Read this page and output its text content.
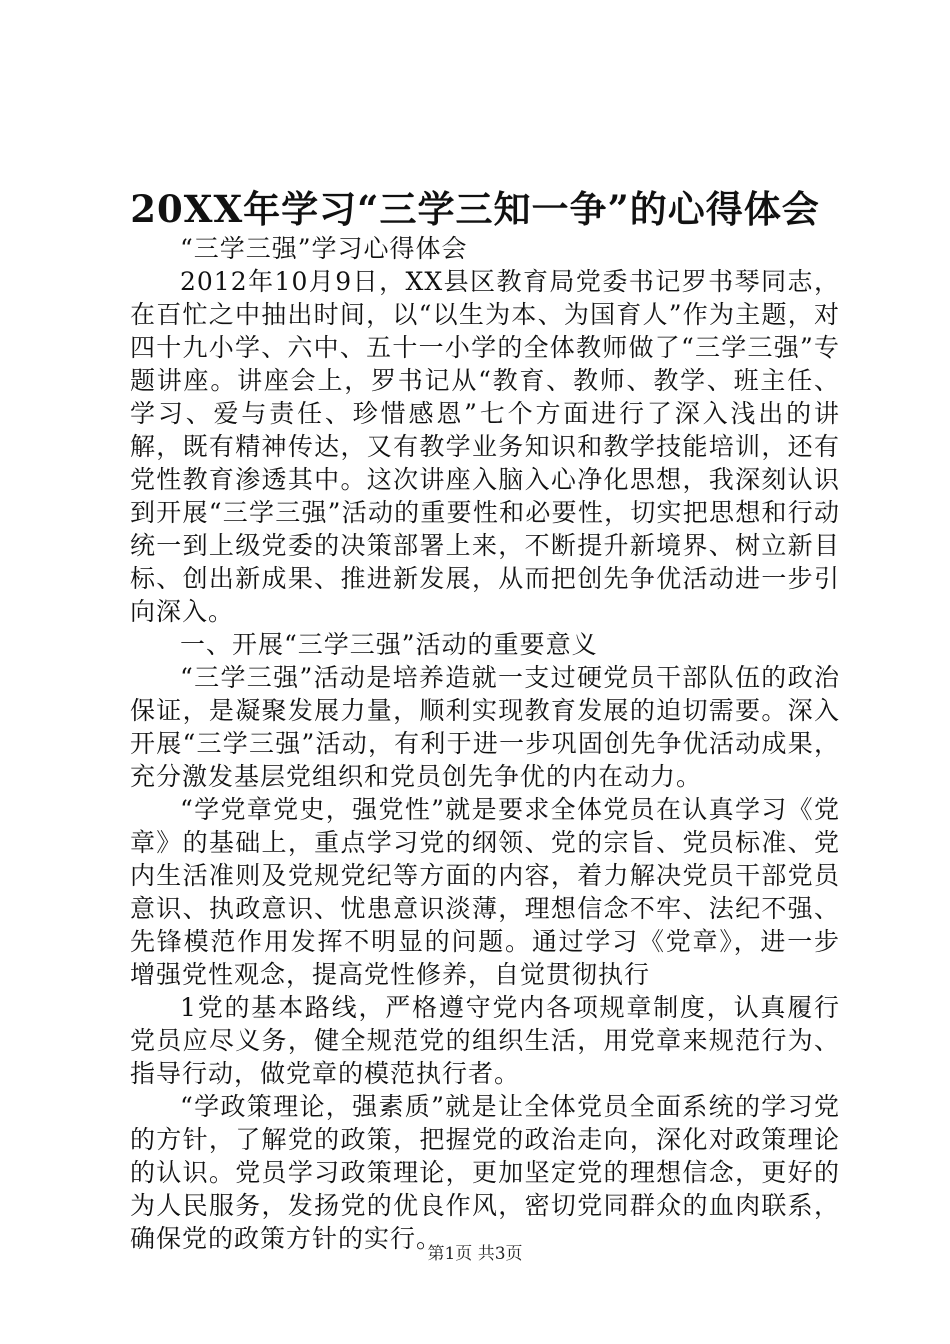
20XX年学习“三学三知一争”的心得体会

“三学三强”学习心得体会

2012年10月9日，XX县区教育局党委书记罗书琴同志，在百忙之中抽出时间，以“以生为本、为国育人”作为主题，对四十九小学、六中、五十一小学的全体教师做了“三学三强”专题讲座。讲座会上，罗书记从“教育、教师、教学、班主任、学习、爱与责任、珍惜感恩”七个方面进行了深入浅出的讲解，既有精神传达，又有教学业务知识和教学技能培训，还有党性教育渗透其中。这次讲座入脑入心净化思想，我深刻认识到开展“三学三强”活动的重要性和必要性，切实把思想和行动统一到上级党委的决策部署上来，不断提升新境界、树立新目标、创出新成果、推进新发展，从而把创先争优活动进一步引向深入。

一、开展“三学三强”活动的重要意义

“三学三强”活动是培养造就一支过硬党员干部队伍的政治保证，是凝聚发展力量，顺利实现教育发展的迫切需要。深入开展“三学三强”活动，有利于进一步巩固创先争优活动成果，充分激发基层党组织和党员创先争优的内在动力。

“学党章党史，强党性”就是要求全体党员在认真学习《党章》的基础上，重点学习党的纲领、党的宗旨、党员标准、党内生活准则及党规党纪等方面的内容，着力解决党员干部党员意识、执政意识、忧患意识淡薄，理想信念不牢、法纪不强、先锋模范作用发挥不明显的问题。通过学习《党章》，进一步增强党性观念，提高党性修养，自觉贯彻执行

1党的基本路线，严格遵守党内各项规章制度，认真履行党员应尽义务，健全规范党的组织生活，用党章来规范行为、指导行动，做党章的模范执行者。

“学政策理论，强素质”就是让全体党员全面系统的学习党的方针，了解党的政策，把握党的政治走向，深化对政策理论的认识。党员学习政策理论，更加坚定党的理想信念，更好的为人民服务，发扬党的优良作风，密切党同群众的血肉联系，确保党的政策方针的实行。

第1页 共3页
